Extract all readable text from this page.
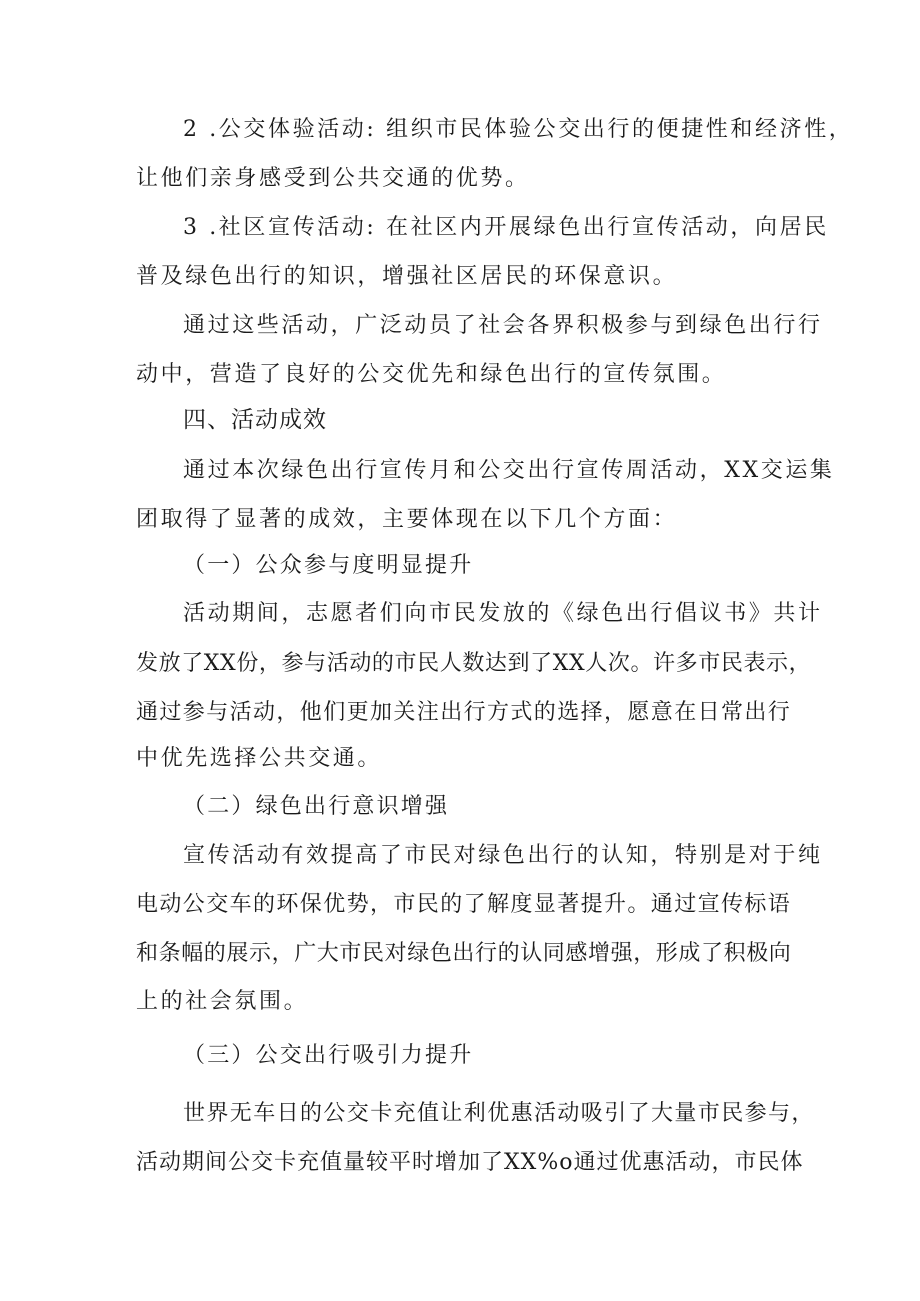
2 .公交体验活动: 组织市民体验公交出行的便捷性和经济性，
让他们亲身感受到公共交通的优势。
3 .社区宣传活动: 在社区内开展绿色出行宣传活动，向居民
普及绿色出行的知识，增强社区居民的环保意识。
通过这些活动，广泛动员了社会各界积极参与到绿色出行行
动中，营造了良好的公交优先和绿色出行的宣传氛围。
四、活动成效
通过本次绿色出行宣传月和公交出行宣传周活动，XX交运集
团取得了显著的成效，主要体现在以下几个方面：
（一）公众参与度明显提升
活动期间，志愿者们向市民发放的《绿色出行倡议书》共计
发放了XX份，参与活动的市民人数达到了XX人次。许多市民表示，
通过参与活动，他们更加关注出行方式的选择，愿意在日常出行
中优先选择公共交通。
（二）绿色出行意识增强
宣传活动有效提高了市民对绿色出行的认知，特别是对于纯
电动公交车的环保优势，市民的了解度显著提升。通过宣传标语
和条幅的展示，广大市民对绿色出行的认同感增强，形成了积极向
上的社会氛围。
（三）公交出行吸引力提升
世界无车日的公交卡充值让利优惠活动吸引了大量市民参与，
活动期间公交卡充值量较平时增加了XX%o通过优惠活动，市民体
